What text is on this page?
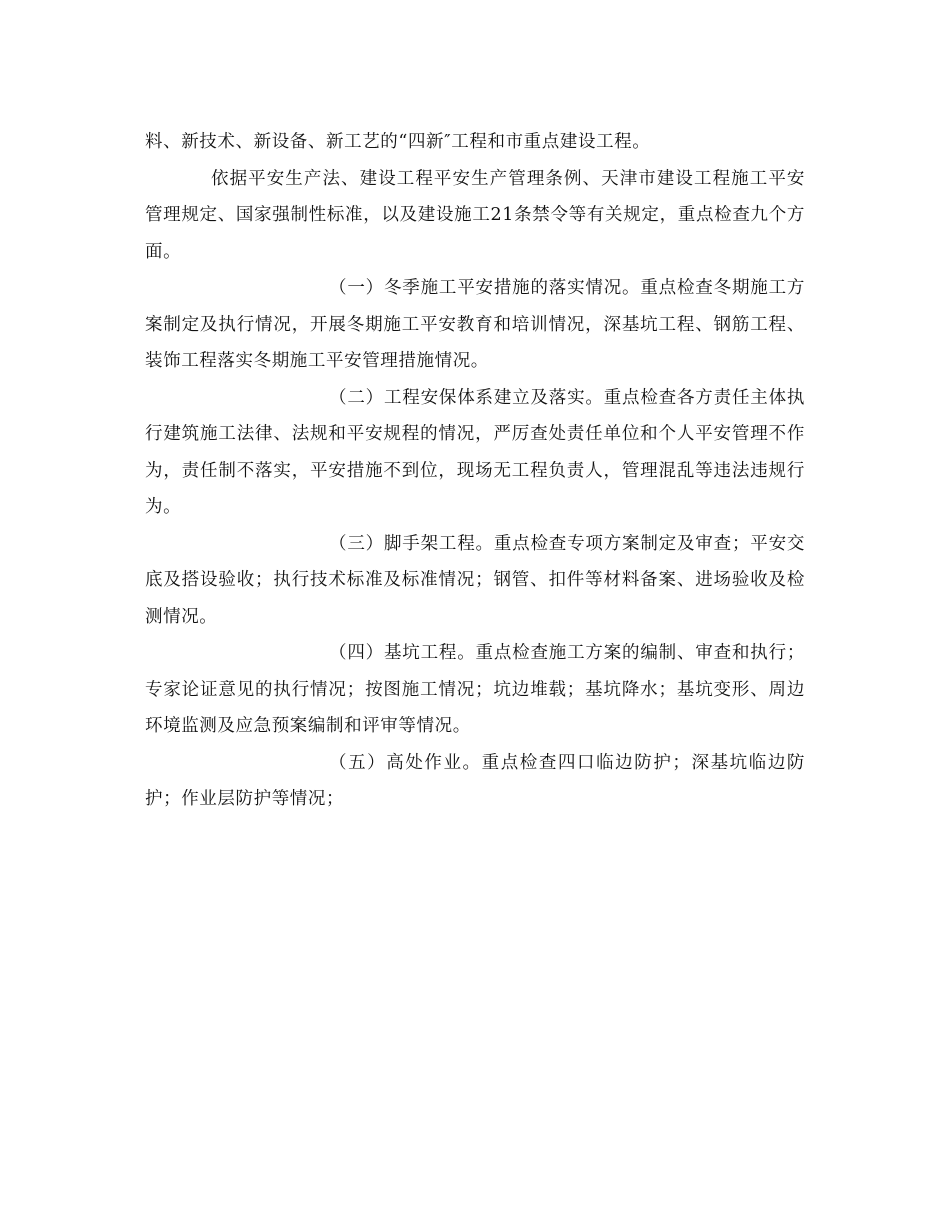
料、新技术、新设备、新工艺的“四新″工程和市重点建设工程。

依据平安生产法、建设工程平安生产管理条例、天津市建设工程施工平安管理规定、国家强制性标准，以及建设施工21条禁令等有关规定，重点检查九个方面。

（一）冬季施工平安措施的落实情况。重点检查冬期施工方案制定及执行情况，开展冬期施工平安教育和培训情况，深基坑工程、钢筋工程、装饰工程落实冬期施工平安管理措施情况。

（二）工程安保体系建立及落实。重点检查各方责任主体执行建筑施工法律、法规和平安规程的情况，严厉查处责任单位和个人平安管理不作为，责任制不落实，平安措施不到位，现场无工程负责人，管理混乱等违法违规行为。

（三）脚手架工程。重点检查专项方案制定及审查；平安交底及搭设验收；执行技术标准及标准情况；钢管、扣件等材料备案、进场验收及检测情况。

（四）基坑工程。重点检查施工方案的编制、审查和执行；专家论证意见的执行情况；按图施工情况；坑边堆载；基坑降水；基坑变形、周边环境监测及应急预案编制和评审等情况。

（五）高处作业。重点检查四口临边防护；深基坑临边防护；作业层防护等情况；
